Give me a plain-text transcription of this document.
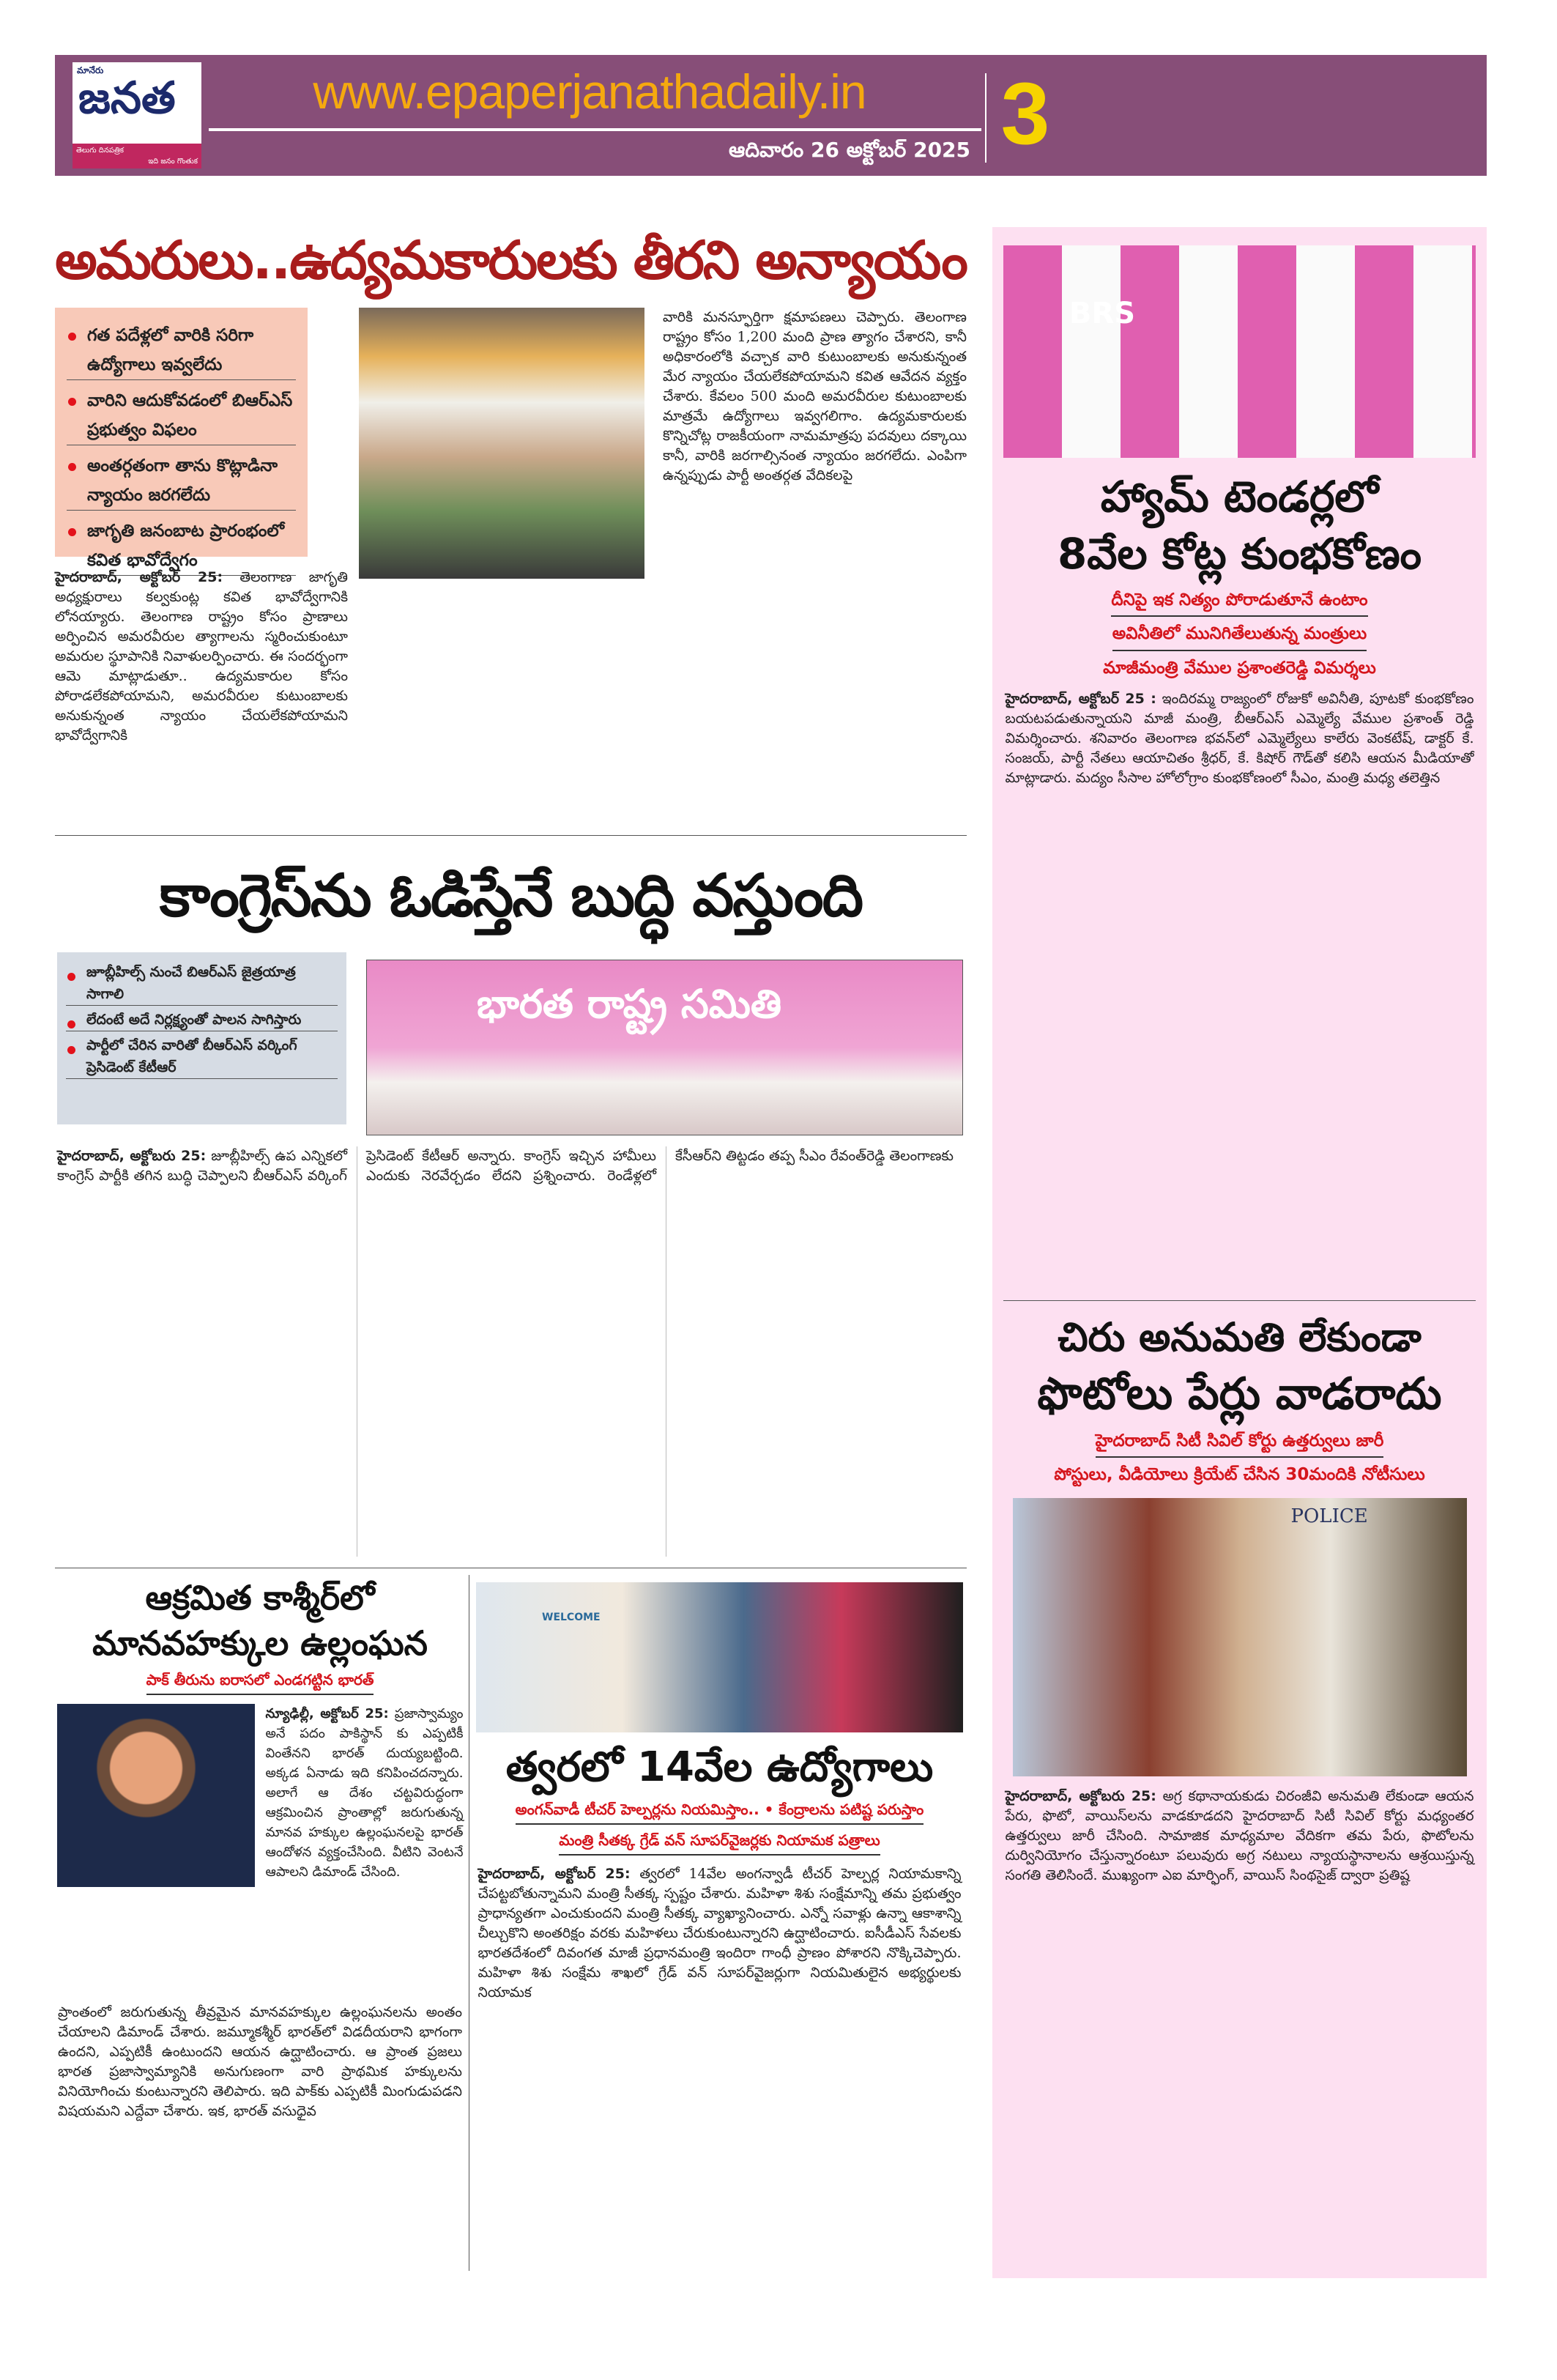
మానేరు
జనత
తెలుగు దినపత్రిక
ఇది జనం గొంతుక
www.epaperjanathadaily.in
ఆదివారం 26 అక్టోబర్ 2025 3
అమరులు..ఉద్యమకారులకు తీరని అన్యాయం
గత పదేళ్లలో వారికి సరిగా ఉద్యోగాలు ఇవ్వలేదు
వారిని ఆదుకోవడంలో బిఆర్ఎస్ ప్రభుత్వం విఫలం
అంతర్గతంగా తాను కొట్లాడినా న్యాయం జరగలేదు
జాగృతి జనంబాట ప్రారంభంలో కవిత భావోద్వేగం
హైదరాబాద్, అక్టోబర్ 25: తెలంగాణ జాగృతి అధ్యక్షురాలు కల్వకుంట్ల కవిత భావోద్వేగానికి లోనయ్యారు. తెలంగాణ రాష్ట్రం కోసం ప్రాణాలు అర్పించిన అమరవీరుల త్యాగాలను స్మరించుకుంటూ అమరుల స్థూపానికి నివాళులర్పించారు. ఈ సందర్భంగా ఆమె మాట్లాడుతూ.. ఉద్యమకారుల కోసం పోరాడలేకపోయామని, అమరవీరుల కుటుంబాలకు అనుకున్నంత న్యాయం చేయలేకపోయామని భావోద్వేగానికి
వారికి మనస్ఫూర్తిగా క్షమాపణలు చెప్పారు. తెలంగాణ రాష్ట్రం కోసం 1,200 మంది ప్రాణ త్యాగం చేశారని, కానీ అధికారంలోకి వచ్చాక వారి కుటుంబాలకు అనుకున్నంత మేర న్యాయం చేయలేకపోయామని కవిత ఆవేదన వ్యక్తం చేశారు. కేవలం 500 మంది అమరవీరుల కుటుంబాలకు మాత్రమే ఉద్యోగాలు ఇవ్వగలిగాం. ఉద్యమకారులకు కొన్నిచోట్ల రాజకీయంగా నామమాత్రపు పదవులు దక్కాయి కానీ, వారికి జరగాల్సినంత న్యాయం జరగలేదు. ఎంపిగా ఉన్నప్పుడు పార్టీ అంతర్గత వేదికలపై
కాంగ్రెస్‌ను ఓడిస్తేనే బుద్ధి వస్తుంది
జూబ్లీహిల్స్ నుంచే బిఆర్ఎస్ జైత్రయాత్ర సాగాలి
లేదంటే అదే నిర్లక్ష్యంతో పాలన సాగిస్తారు
పార్టీలో చేరిన వారితో బీఆర్ఎస్ వర్కింగ్ ప్రెసిడెంట్ కేటీఆర్
భారత రాష్ట్ర సమితి
హైదరాబాద్, అక్టోబరు 25: జూబ్లీహిల్స్ ఉప ఎన్నికలో కాంగ్రెస్ పార్టీకి తగిన బుద్ధి చెప్పాలని బీఆర్ఎస్ వర్కింగ్ ప్రెసిడెంట్ కేటీఆర్ అన్నారు. కాంగ్రెస్ ఇచ్చిన హామీలు ఎందుకు నెరవేర్చడం లేదని ప్రశ్నించారు. రెండేళ్లలో కేసీఆర్‌ని తిట్టడం తప్ప సీఎం రేవంత్‌రెడ్డి తెలంగాణకు
BRS
హ్యామ్ టెండర్లలో
8వేల కోట్ల కుంభకోణం
దీనిపై ఇక నిత్యం పోరాడుతూనే ఉంటాం
అవినీతిలో మునిగితేలుతున్న మంత్రులు
మాజీమంత్రి వేముల ప్రశాంతరెడ్డి విమర్శలు
హైదరాబాద్, అక్టోబర్ 25 : ఇందిరమ్మ రాజ్యంలో రోజుకో అవినీతి, పూటకో కుంభకోణం బయటపడుతున్నాయని మాజీ మంత్రి, బీఆర్ఎస్ ఎమ్మెల్యే వేముల ప్రశాంత్ రెడ్డి విమర్శించారు. శనివారం తెలంగాణ భవన్‌లో ఎమ్మెల్యేలు కాలేరు వెంకటేష్, డాక్టర్ కే. సంజయ్, పార్టీ నేతలు ఆయాచితం శ్రీధర్, కే. కిషోర్ గౌడ్‌తో కలిసి ఆయన మీడియాతో మాట్లాడారు. మద్యం సీసాల హోలోగ్రాం కుంభకోణంలో సీఎం, మంత్రి మధ్య తలెత్తిన
చిరు అనుమతి లేకుండా
ఫొటోలు పేర్లు వాడరాదు
హైదరాబాద్ సిటీ సివిల్ కోర్టు ఉత్తర్వులు జారీ
పోస్టులు, వీడియోలు క్రియేట్ చేసిన 30మందికి నోటీసులు
POLICE
హైదరాబాద్, అక్టోబరు 25: అగ్ర కథానాయకుడు చిరంజీవి అనుమతి లేకుండా ఆయన పేరు, ఫొటో, వాయిస్‌లను వాడకూడదని హైదరాబాద్ సిటీ సివిల్ కోర్టు మధ్యంతర ఉత్తర్వులు జారీ చేసింది. సామాజిక మాధ్యమాల వేదికగా తమ పేరు, ఫొటోలను దుర్వినియోగం చేస్తున్నారంటూ పలువురు అగ్ర నటులు న్యాయస్థానాలను ఆశ్రయిస్తున్న సంగతి తెలిసిందే. ముఖ్యంగా ఎఐ మార్ఫింగ్, వాయిస్ సింథసైజ్ ద్వారా ప్రతిష్ట
ఆక్రమిత కాశ్మీర్‌లో
మానవహక్కుల ఉల్లంఘన
పాక్ తీరును ఐరాసలో ఎండగట్టిన భారత్
న్యూఢిల్లీ, అక్టోబర్ 25: ప్రజాస్వామ్యం అనే పదం పాకిస్థాన్ కు ఎప్పటికీ వింతేనని భారత్ దుయ్యబట్టింది. అక్కడ ఏనాడు ఇది కనిపించదన్నారు. అలాగే ఆ దేశం చట్టవిరుద్ధంగా ఆక్రమించిన ప్రాంతాల్లో జరుగుతున్న మానవ హక్కుల ఉల్లంఘనలపై భారత్ ఆందోళన వ్యక్తంచేసింది. వీటిని వెంటనే ఆపాలని డిమాండ్ చేసింది.
ప్రాంతంలో జరుగుతున్న తీవ్రమైన మానవహక్కుల ఉల్లంఘనలను అంతం చేయాలని డిమాండ్ చేశారు. జమ్మూకశ్మీర్ భారత్‌లో విడదీయరాని భాగంగా ఉందని, ఎప్పటికీ ఉంటుందని ఆయన ఉద్ఘాటించారు. ఆ ప్రాంత ప్రజలు భారత ప్రజాస్వామ్యానికి అనుగుణంగా వారి ప్రాథమిక హక్కులను వినియోగించు కుంటున్నారని తెలిపారు. ఇది పాక్‌కు ఎప్పటికీ మింగుడుపడని విషయమని ఎద్దేవా చేశారు. ఇక, భారత్ వసుధైవ
WELCOME
త్వరలో 14వేల ఉద్యోగాలు
అంగన్‌వాడీ టీచర్ హెల్పర్లను నియమిస్తాం.. • కేంద్రాలను పటిష్ట పరుస్తాం
మంత్రి సీతక్క గ్రేడ్ వన్ సూపర్‌వైజర్లకు నియామక పత్రాలు
హైదరాబాద్, అక్టోబర్ 25: త్వరలో 14వేల అంగన్వాడీ టీచర్ హెల్పర్ల నియామకాన్ని చేపట్టబోతున్నామని మంత్రి సీతక్క స్పష్టం చేశారు. మహిళా శిశు సంక్షేమాన్ని తమ ప్రభుత్వం ప్రాధాన్యతగా ఎంచుకుందని మంత్రి సీతక్క వ్యాఖ్యానించారు. ఎన్నో సవాళ్లు ఉన్నా ఆకాశాన్ని చీల్చుకొని అంతరిక్షం వరకు మహిళలు చేరుకుంటున్నారని ఉద్ఘాటించారు. ఐసీడీఎస్ సేవలకు భారతదేశంలో దివంగత మాజీ ప్రధానమంత్రి ఇందిరా గాంధీ ప్రాణం పోశారని నొక్కిచెప్పారు. మహిళా శిశు సంక్షేమ శాఖలో గ్రేడ్ వన్ సూపర్‌వైజర్లుగా నియమితులైన అభ్యర్థులకు నియామక
